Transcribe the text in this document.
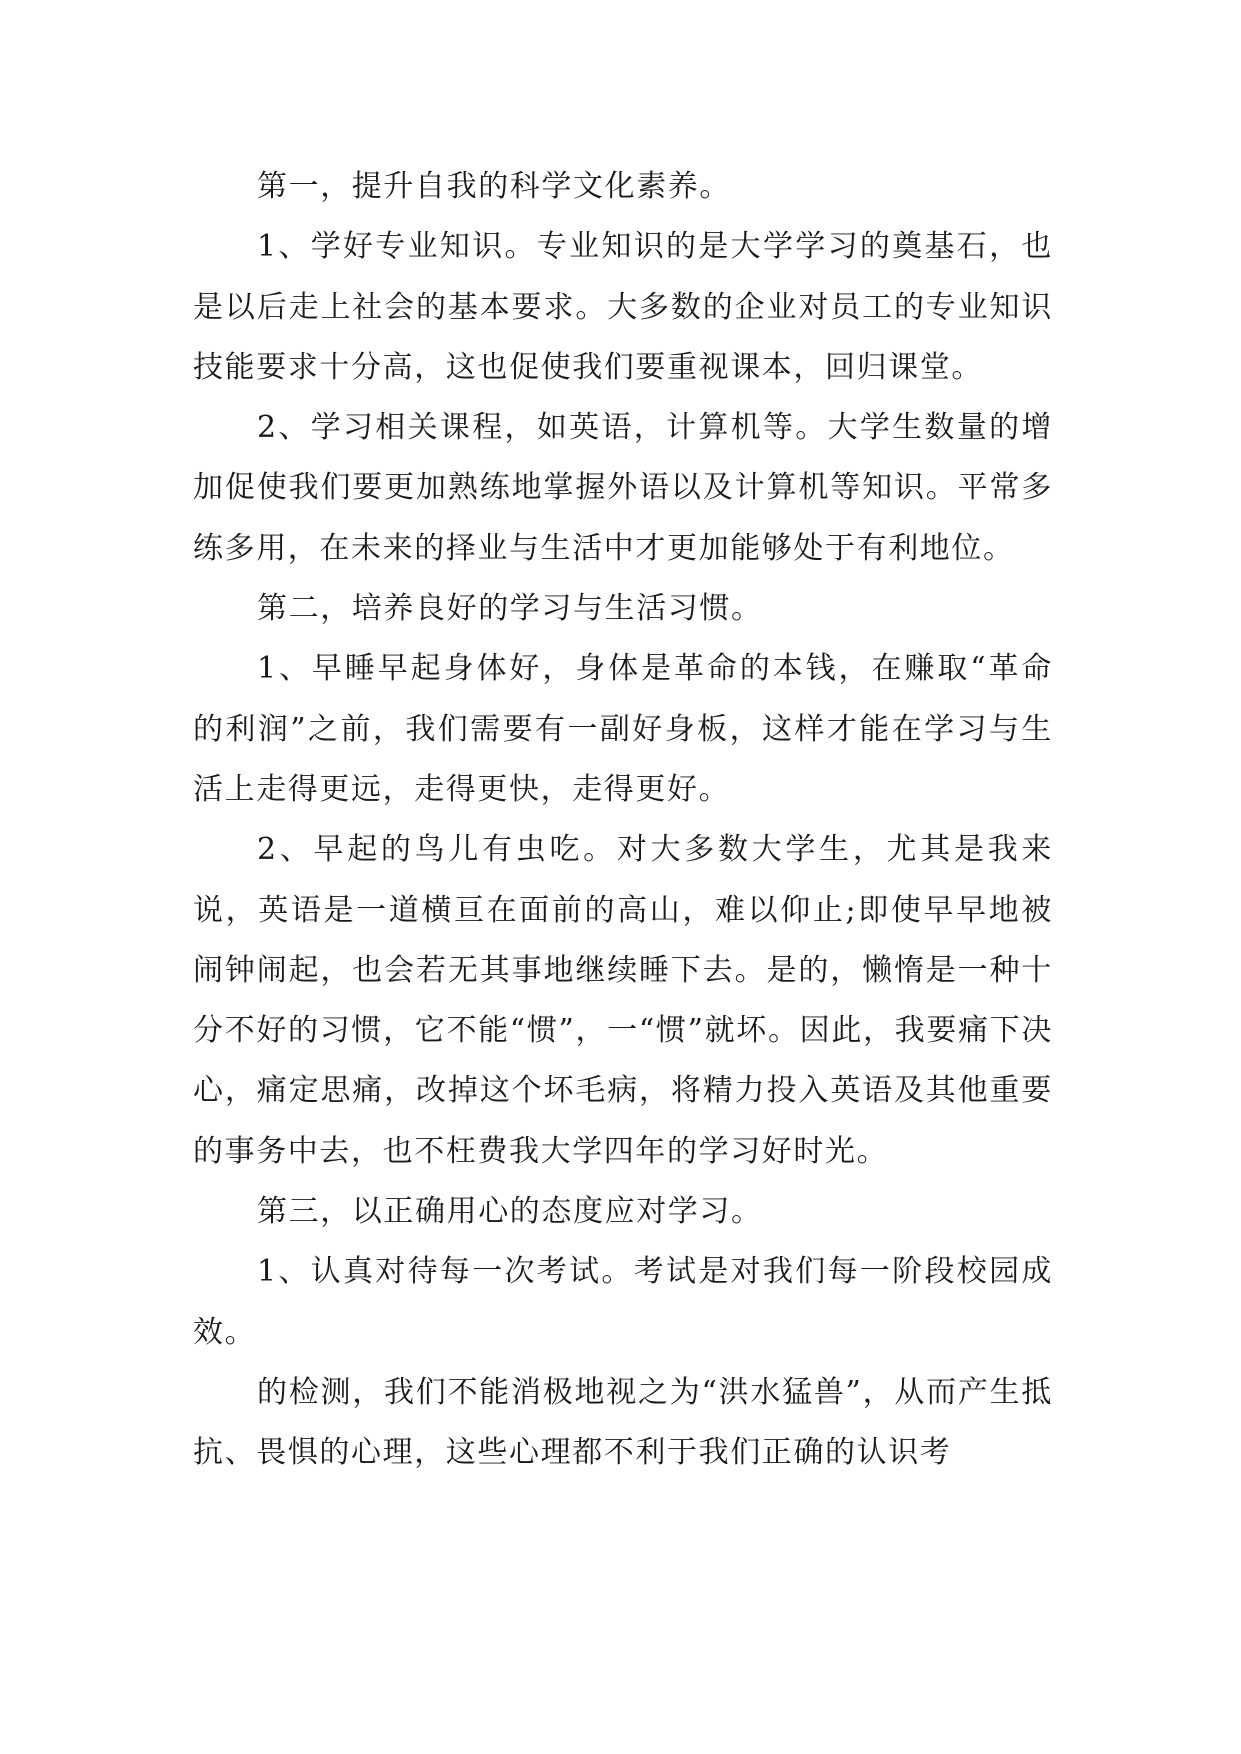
第一，提升自我的科学文化素养。

1、学好专业知识。专业知识的是大学学习的奠基石，也是以后走上社会的基本要求。大多数的企业对员工的专业知识技能要求十分高，这也促使我们要重视课本，回归课堂。

2、学习相关课程，如英语，计算机等。大学生数量的增加促使我们要更加熟练地掌握外语以及计算机等知识。平常多练多用，在未来的择业与生活中才更加能够处于有利地位。

第二，培养良好的学习与生活习惯。

1、早睡早起身体好，身体是革命的本钱，在赚取“革命的利润”之前，我们需要有一副好身板，这样才能在学习与生活上走得更远，走得更快，走得更好。

2、早起的鸟儿有虫吃。对大多数大学生，尤其是我来说，英语是一道横亘在面前的高山，难以仰止;即使早早地被闹钟闹起，也会若无其事地继续睡下去。是的，懒惰是一种十分不好的习惯，它不能“惯”，一“惯”就坏。因此，我要痛下决心，痛定思痛，改掉这个坏毛病，将精力投入英语及其他重要的事务中去，也不枉费我大学四年的学习好时光。

第三，以正确用心的态度应对学习。

1、认真对待每一次考试。考试是对我们每一阶段校园成效。

的检测，我们不能消极地视之为“洪水猛兽”，从而产生抵抗、畏惧的心理，这些心理都不利于我们正确的认识考
